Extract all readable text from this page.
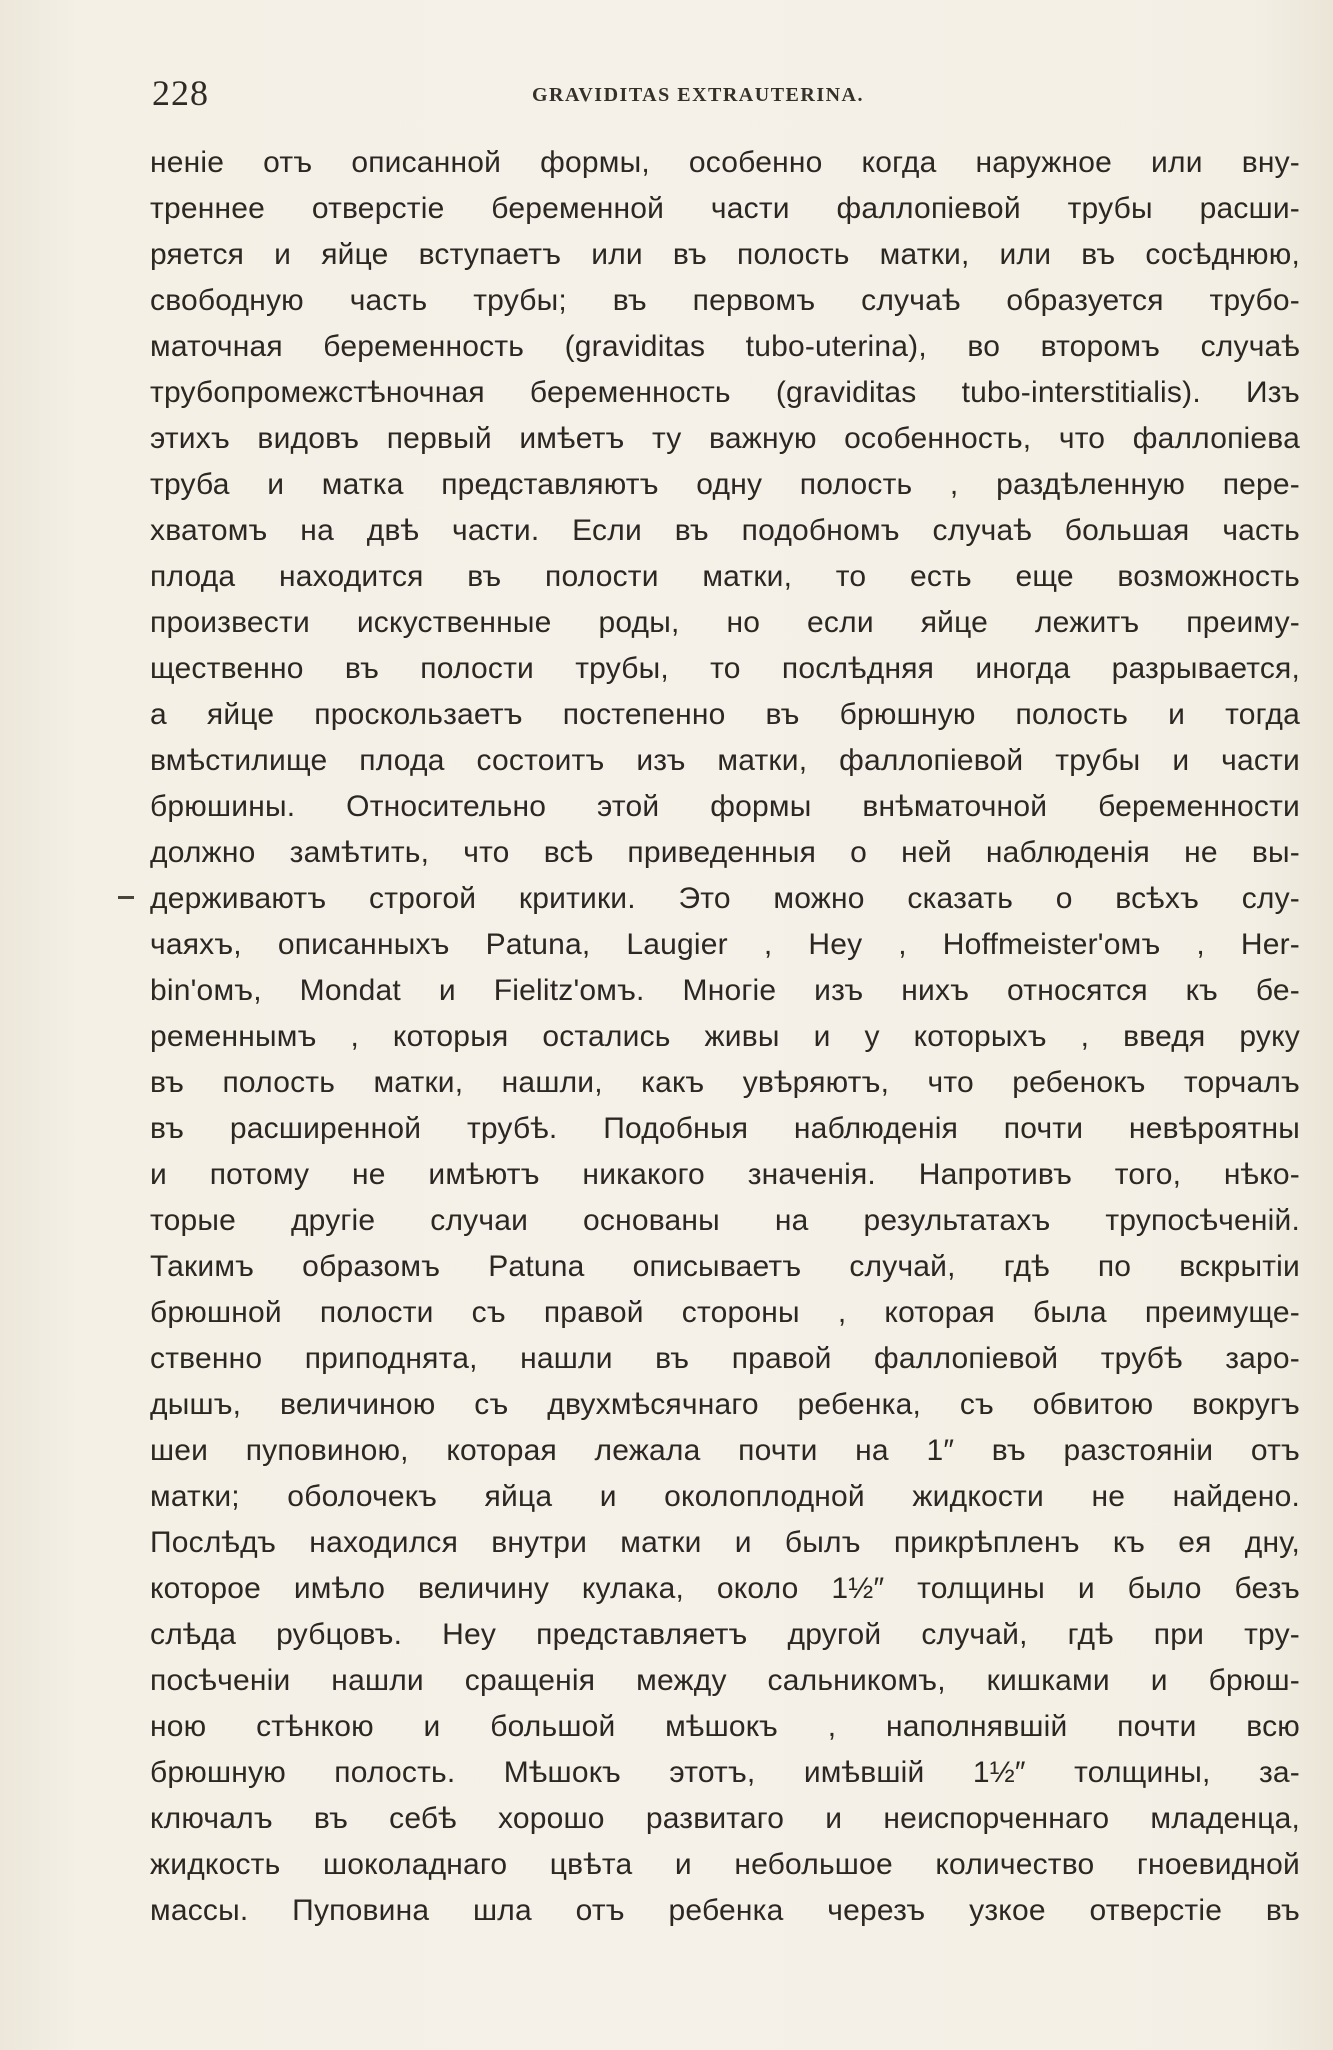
228	GRAVIDITAS EXTRAUTERINA.
неніе отъ описанной формы, особенно когда наружное или вну-
треннее отверстіе беременной части фаллопіевой трубы расши-
ряется и яйце вступаетъ или въ полость матки, или въ сосѣднюю,
свободную часть трубы; въ первомъ случаѣ образуется трубо-
маточная беременность (graviditas tubo-uterina), во второмъ случаѣ
трубопромежстѣночная беременность (graviditas tubo-interstitialis). Изъ
этихъ видовъ первый имѣетъ ту важную особенность, что фаллопіева
труба и матка представляютъ одну полость , раздѣленную пере-
хватомъ на двѣ части. Если въ подобномъ случаѣ большая часть
плода находится въ полости матки, то есть еще возможность
произвести искуственные роды, но если яйце лежитъ преиму-
щественно въ полости трубы, то послѣдняя иногда разрывается,
а яйце проскользаетъ постепенно въ брюшную полость и тогда
вмѣстилище плода состоитъ изъ матки, фаллопіевой трубы и части
брюшины. Относительно этой формы внѣматочной беременности
должно замѣтить, что всѣ приведенныя о ней наблюденія не вы-
держиваютъ строгой критики. Это можно сказать о всѣхъ слу-
чаяхъ, описанныхъ Patuna, Laugier , Hey , Hoffmeister'омъ , Her-
bin'омъ, Mondat и Fielitz'омъ. Многіе изъ нихъ относятся къ бе-
ременнымъ , которыя остались живы и у которыхъ , введя руку
въ полость матки, нашли, какъ увѣряютъ, что ребенокъ торчалъ
въ расширенной трубѣ. Подобныя наблюденія почти невѣроятны
и потому не имѣютъ никакого значенія. Напротивъ того, нѣко-
торые другіе случаи основаны на результатахъ трупосѣченій.
Такимъ образомъ Patuna описываетъ случай, гдѣ по вскрытіи
брюшной полости съ правой стороны , которая была преимуще-
ственно приподнята, нашли въ правой фаллопіевой трубѣ заро-
дышъ, величиною съ двухмѣсячнаго ребенка, съ обвитою вокругъ
шеи пуповиною, которая лежала почти на 1″ въ разстояніи отъ
матки; оболочекъ яйца и околоплодной жидкости не найдено.
Послѣдъ находился внутри матки и былъ прикрѣпленъ къ ея дну,
которое имѣло величину кулака, около 1½″ толщины и было безъ
слѣда рубцовъ. Hey представляетъ другой случай, гдѣ при тру-
посѣченіи нашли сращенія между сальникомъ, кишками и брюш-
ною стѣнкою и большой мѣшокъ , наполнявшій почти всю
брюшную полость. Мѣшокъ этотъ, имѣвшій 1½″ толщины, за-
ключалъ въ себѣ хорошо развитаго и неиспорченнаго младенца,
жидкость шоколаднаго цвѣта и небольшое количество гноевидной
массы. Пуповина шла отъ ребенка черезъ узкое отверстіе въ
